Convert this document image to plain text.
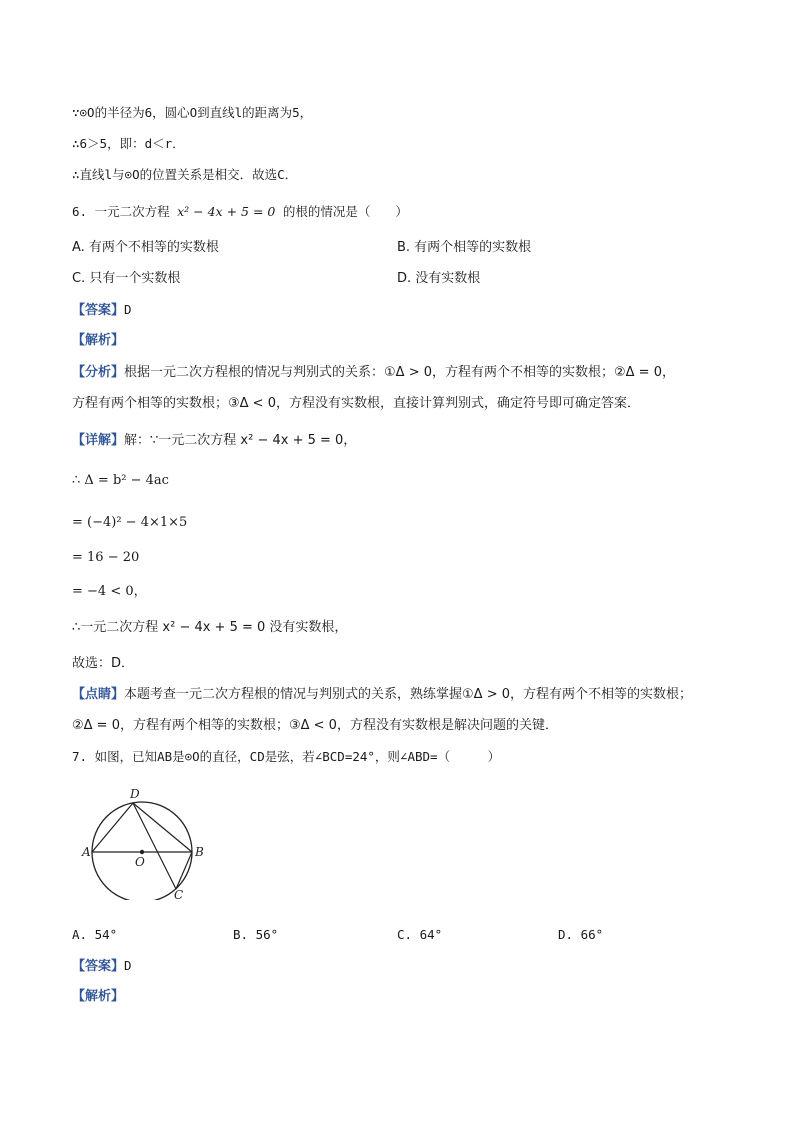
∵⊙O的半径为6，圆心O到直线l的距离为5，
∴6＞5，即：d＜r．
∴直线l与⊙O的位置关系是相交．故选C．
6. 一元二次方程 x² − 4x + 5 = 0 的根的情况是（　　）
A. 有两个不相等的实数根	B. 有两个相等的实数根
C. 只有一个实数根	D. 没有实数根
【答案】D
【解析】
【分析】根据一元二次方程根的情况与判别式的关系：①Δ > 0，方程有两个不相等的实数根；②Δ = 0，
方程有两个相等的实数根；③Δ < 0，方程没有实数根，直接计算判别式，确定符号即可确定答案．
【详解】解：∵一元二次方程 x² − 4x + 5 = 0，
∴ Δ = b² − 4ac
= (−4)² − 4×1×5
= 16 − 20
= −4 < 0，
∴一元二次方程 x² − 4x + 5 = 0 没有实数根，
故选：D．
【点睛】本题考查一元二次方程根的情况与判别式的关系，熟练掌握①Δ > 0，方程有两个不相等的实数根；
②Δ = 0，方程有两个相等的实数根；③Δ < 0，方程没有实数根是解决问题的关键．
7. 如图，已知AB是⊙O的直径，CD是弦，若∠BCD=24°，则∠ABD=（　　　）
A	B
C
D
O
A. 54°	B. 56°	C. 64°	D. 66°
【答案】D
【解析】
